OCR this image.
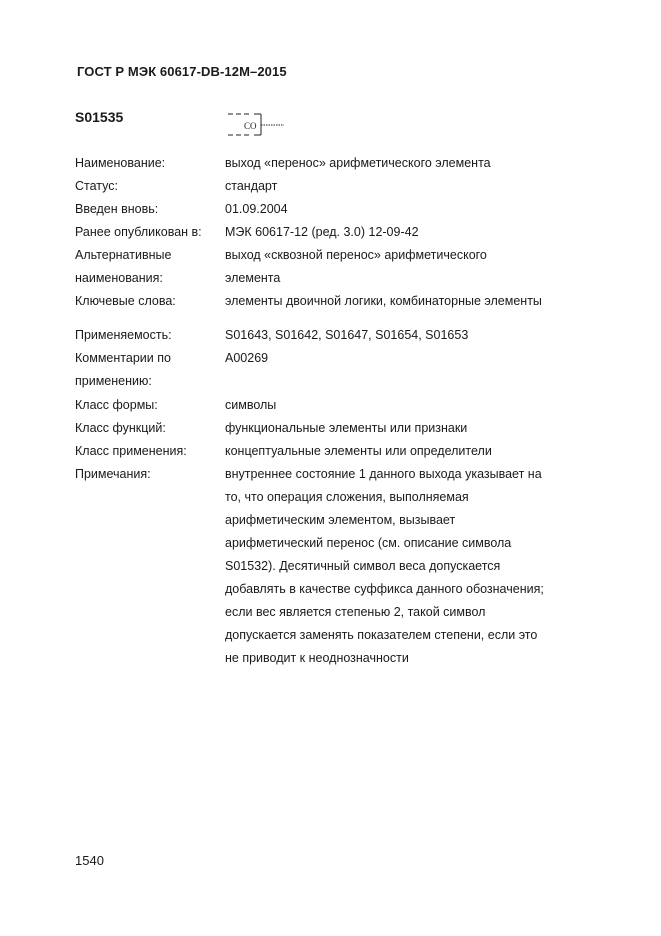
ГОСТ Р МЭК 60617-DB-12M–2015
S01535
CO
Наименование:	выход «перенос» арифметического элемента
Статус:	стандарт
Введен вновь:	01.09.2004
Ранее опубликован в:	МЭК 60617-12 (ред. 3.0) 12-09-42
Альтернативные	выход «сквозной перенос» арифметического
наименования:	элемента
Ключевые слова:	элементы двоичной логики, комбинаторные элементы
Применяемость:	S01643, S01642, S01647, S01654, S01653
Комментарии по	A00269
применению:
Класс формы:	символы
Класс функций:	функциональные элементы или признаки
Класс применения:	концептуальные элементы или определители
Примечания:	внутреннее состояние 1 данного выхода указывает на
то, что операция сложения, выполняемая
арифметическим элементом, вызывает
арифметический перенос (см. описание символа
S01532). Десятичный символ веса допускается
добавлять в качестве суффикса данного обозначения;
если вес является степенью 2, такой символ
допускается заменять показателем степени, если это
не приводит к неоднозначности
1540
